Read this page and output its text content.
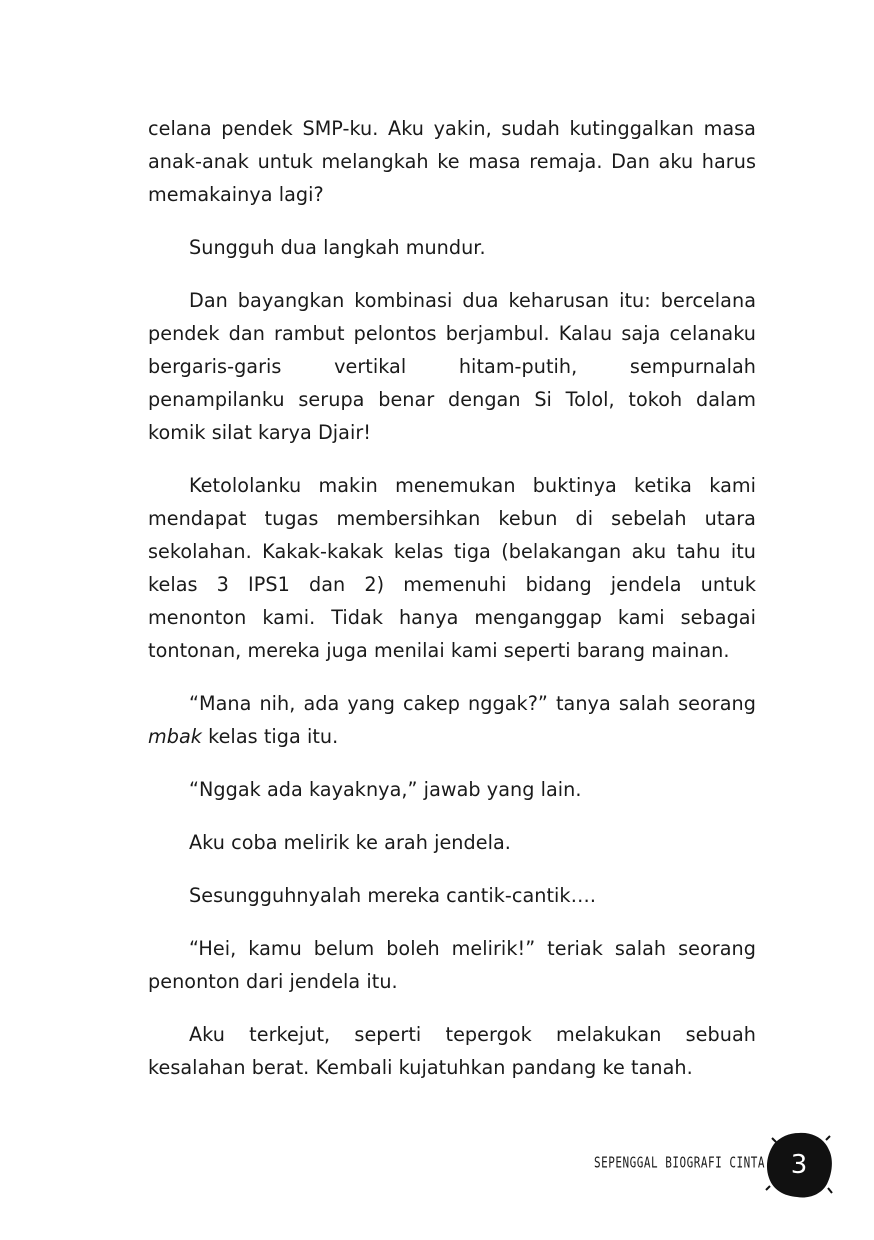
celana pendek SMP-ku. Aku yakin, sudah kutinggalkan masa anak-anak untuk melangkah ke masa remaja. Dan aku harus memakainya lagi?

Sungguh dua langkah mundur.

Dan bayangkan kombinasi dua keharusan itu: bercelana pendek dan rambut pelontos berjambul. Kalau saja celanaku bergaris-garis vertikal hitam-putih, sempurnalah penampilanku serupa benar dengan Si Tolol, tokoh dalam komik silat karya Djair!

Ketololanku makin menemukan buktinya ketika kami mendapat tugas membersihkan kebun di sebelah utara sekolahan. Kakak-kakak kelas tiga (belakangan aku tahu itu kelas 3 IPS1 dan 2) memenuhi bidang jendela untuk menonton kami. Tidak hanya menganggap kami sebagai tontonan, mereka juga menilai kami seperti barang mainan.

“Mana nih, ada yang cakep nggak?” tanya salah seorang mbak kelas tiga itu.

“Nggak ada kayaknya,” jawab yang lain.

Aku coba melirik ke arah jendela.

Sesungguhnyalah mereka cantik-cantik….

“Hei, kamu belum boleh melirik!” teriak salah seorang penonton dari jendela itu.

Aku terkejut, seperti tepergok melakukan sebuah kesalahan berat. Kembali kujatuhkan pandang ke tanah.

SEPENGGAL BIOGRAFI CINTA 3
